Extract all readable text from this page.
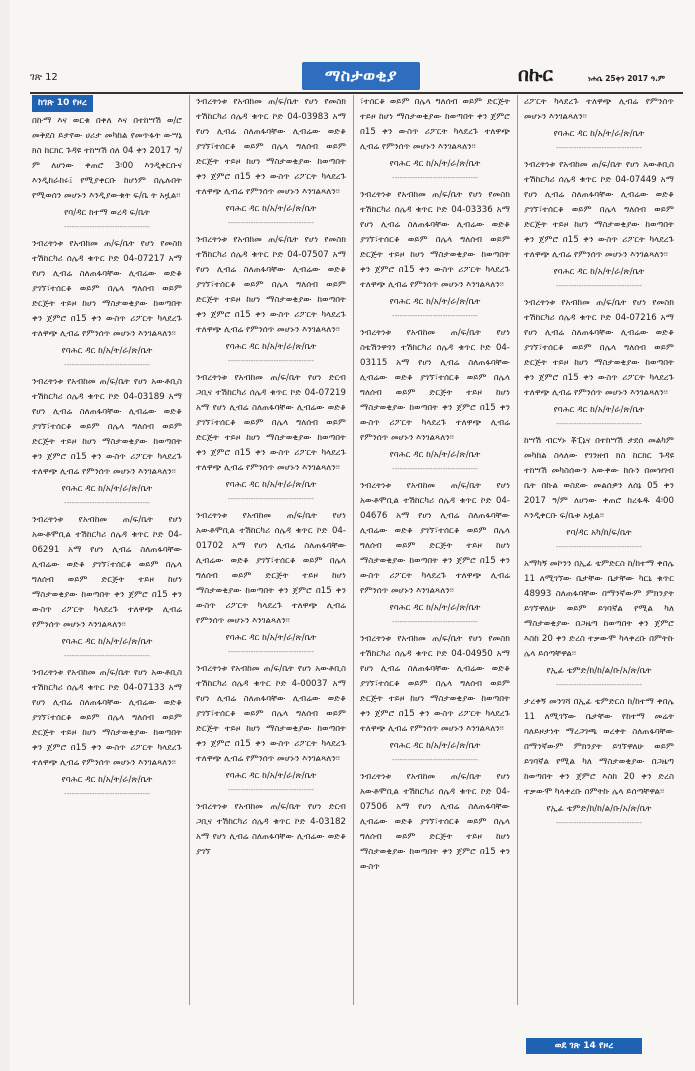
ገጽ 12	ማስታወቂያ	በኩር	ነሐሴ 25ቀን 2017 ዓ.ም
ከገጽ 10 የዞረ

በኩማ እና ወርቁ በቀለ እና በተከሣሽ ወ/ሮ መቅደስ ይታየው ሀሪታ መካከል የመጥፋት ውሣኔ ክስ ከርክር ጉዳዩ ተከሣሽ ሰለ 04 ቀን 2017 ዓ/ም ለሆነው ቀጠሮ 3፡00 እንዲቀርቡና እንዲከራከሩ፤ የሚያቀርቡ ከሆነም በሌሉበት የሚወሰን መሆኑን እንዲያውቁት ፍ/ቤ ት አዟል፡፡

የባ/ዳር ከተማ ወረዳ ፍ/ቤት
----------------------------------

ንብረትነቱ የአብከመ ጠ/ፍ/ቤት የሆነ የመስክ ተሽከርካሪ ሰሌዳ ቁጥር ኮድ 04-07217 አማ የሆነ ሊብሬ ስለጠፋባቸው ሊብሬው ወድቆ ያገኘ፣ተሰርቆ ወይም በሌላ ግለሰብ ወይም ድርጅት ተይዞ ከሆነ ማስታወቂያው ከወጣበት ቀን ጀምሮ በ15 ቀን ውስጥ ሪፖርት ካላደረጉ ተለዋጭ ሊብሬ የምንሰጥ መሆኑን እንገልጻለን፡፡

የባሕር ዳር ከ/አ/ት/ራ/ጽ/ቤት
----------------------------------

ንብረትነቱ የአብከመ ጠ/ፍ/ቤት የሆነ አውቶቢስ ተሽከርካሪ ሰሌዳ ቁጥር ኮድ 04-03189 አማ የሆነ ሊብሬ ስለጠፋባቸው ሊብሬው ወድቆ ያገኘ፣ተሰርቆ ወይም በሌላ ግለሰብ ወይም ድርጅት ተይዞ ከሆነ ማስታወቂያው ከወጣበት ቀን ጀምሮ በ15 ቀን ውስጥ ሪፖርት ካላደረጉ ተለዋጭ ሊብሬ የምንሰጥ መሆኑን እንገልጻለን፡፡

የባሕር ዳር ከ/አ/ት/ራ/ጽ/ቤት
----------------------------------

ንብረትነቱ የአብከመ ጠ/ፍ/ቤት የሆነ አውቶሞቢል ተሽከርካሪ ሰሌዳ ቁጥር ኮድ 04-06291 አማ የሆነ ሊብሬ ስለጠፋባቸው ሊብሬው ወድቆ ያገኘ፣ተሰርቆ ወይም በሌላ ግለሰብ ወይም ድርጅት ተይዞ ከሆነ ማስታወቂያው ከወጣበት ቀን ጀምሮ በ15 ቀን ውስጥ ሪፖርት ካላደረጉ ተለዋጭ ሊብሬ የምንሰጥ መሆኑን እንገልጻለን፡፡

የባሕር ዳር ከ/አ/ት/ራ/ጽ/ቤት
----------------------------------

ንብረትነቱ የአብከመ ጠ/ፍ/ቤት የሆነ አውቶቢስ ተሽከርካሪ ሰሌዳ ቁጥር ኮድ 04-07133 አማ የሆነ ሊብሬ ስለጠፋባቸው ሊብሬው ወድቆ ያገኘ፣ተሰርቆ ወይም በሌላ ግለሰብ ወይም ድርጅት ተይዞ ከሆነ ማስታወቂያው ከወጣበት ቀን ጀምሮ በ15 ቀን ውስጥ ሪፖርት ካላደረጉ ተለዋጭ ሊብሬ የምንሰጥ መሆኑን እንገልጻለን፡፡

የባሕር ዳር ከ/አ/ት/ራ/ጽ/ቤት
----------------------------------

ንብረትነቱ የአብከመ ጠ/ፍ/ቤት የሆነ የመስክ ተሽከርካሪ ሰሌዳ ቁጥር ኮድ 04-03983 አማ የሆነ ሊብሬ ስለጠፋባቸው ሊብሬው ወድቆ ያገኘ፣ተሰርቆ ወይም በሌላ ግለሰብ ወይም ድርጅት ተይዞ ከሆነ ማስታወቂያው ከወጣበት ቀን ጀምሮ በ15 ቀን ውስጥ ሪፖርት ካላደረጉ ተለዋጭ ሊብሬ የምንሰጥ መሆኑን እንገልጻለን፡፡

የባሕር ዳር ከ/አ/ት/ራ/ጽ/ቤት
----------------------------------

ንብረትነቱ የአብከመ ጠ/ፍ/ቤት የሆነ የመስክ ተሽከርካሪ ሰሌዳ ቁጥር ኮድ 04-07507 አማ የሆነ ሊብሬ ስለጠፋባቸው ሊብሬው ወድቆ ያገኘ፣ተሰርቆ ወይም በሌላ ግለሰብ ወይም ድርጅት ተይዞ ከሆነ ማስታወቂያው ከወጣበት ቀን ጀምሮ በ15 ቀን ውስጥ ሪፖርት ካላደረጉ ተለዋጭ ሊብሬ የምንሰጥ መሆኑን እንገልጻለን፡፡

የባሕር ዳር ከ/አ/ት/ራ/ጽ/ቤት
----------------------------------

ንብረትነቱ የአብከመ ጠ/ፍ/ቤት የሆነ ድርብ ጋቢና ተሽከርካሪ ሰሌዳ ቁጥር ኮድ 04-07219 አማ የሆነ ሊብሬ ስለጠፋባቸው ሊብሬው ወድቆ ያገኘ፣ተሰርቆ ወይም በሌላ ግለሰብ ወይም ድርጅት ተይዞ ከሆነ ማስታወቂያው ከወጣበት ቀን ጀምሮ በ15 ቀን ውስጥ ሪፖርት ካላደረጉ ተለዋጭ ሊብሬ የምንሰጥ መሆኑን እንገልጻለን፡፡

የባሕር ዳር ከ/አ/ት/ራ/ጽ/ቤት
----------------------------------

ንብረትነቱ የአብከመ ጠ/ፍ/ቤት የሆነ አውቶሞቢል ተሽከርካሪ ሰሌዳ ቁጥር ኮድ 04-01702 አማ የሆነ ሊብሬ ስለጠፋባቸው ሊብሬው ወድቆ ያገኘ፣ተሰርቆ ወይም በሌላ ግለሰብ ወይም ድርጅት ተይዞ ከሆነ ማስታወቂያው ከወጣበት ቀን ጀምሮ በ15 ቀን ውስጥ ሪፖርት ካላደረጉ ተለዋጭ ሊብሬ የምንሰጥ መሆኑን እንገልጻለን፡፡

የባሕር ዳር ከ/አ/ት/ራ/ጽ/ቤት
----------------------------------

ንብረትነቱ የአብከመ ጠ/ፍ/ቤት የሆነ አውቶቢስ ተሽከርካሪ ሰሌዳ ቁጥር ኮድ 4-00037 አማ የሆነ ሊብሬ ስለጠፋባቸው ሊብሬው ወድቆ ያገኘ፣ተሰርቆ ወይም በሌላ ግለሰብ ወይም ድርጅት ተይዞ ከሆነ ማስታወቂያው ከወጣበት ቀን ጀምሮ በ15 ቀን ውስጥ ሪፖርት ካላደረጉ ተለዋጭ ሊብሬ የምንሰጥ መሆኑን እንገልጻለን፡፡

የባሕር ዳር ከ/አ/ት/ራ/ጽ/ቤት
----------------------------------

ንብረትነቱ የአብከመ ጠ/ፍ/ቤት የሆነ ድርብ ጋቢና ተሽከርካሪ ሰሌዳ ቁጥር ኮድ 4-03182 አማ የሆነ ሊብሬ ስለጠፋባቸው ሊብሬው ወድቆ ያገኘ

፣ተሰርቆ ወይም በሌላ ግለሰብ ወይም ድርጅት ተይዞ ከሆነ ማስታወቂያው ከወጣበት ቀን ጀምሮ በ15 ቀን ውስጥ ሪፖርት ካላደረጉ ተለዋጭ ሊብሬ የምንሰጥ መሆኑን እንገልጻለን፡፡

የባሕር ዳር ከ/አ/ት/ራ/ጽ/ቤት
----------------------------------

ንብረትነቱ የአብከመ ጠ/ፍ/ቤት የሆነ የመስክ ተሽከርካሪ ሰሌዳ ቁጥር ኮድ 04-03336 አማ የሆነ ሊብሬ ስለጠፋባቸው ሊብሬው ወድቆ ያገኘ፣ተሰርቆ ወይም በሌላ ግለሰብ ወይም ድርጅት ተይዞ ከሆነ ማስታወቂያው ከወጣበት ቀን ጀምሮ በ15 ቀን ውስጥ ሪፖርት ካላደረጉ ተለዋጭ ሊብሬ የምንሰጥ መሆኑን እንገልጻለን፡፡

የባሕር ዳር ከ/አ/ት/ራ/ጽ/ቤት
----------------------------------

ንብረትነቱ የአብከመ ጠ/ፍ/ቤት የሆነ ስቴሽንዋጎን ተሽከርካሪ ሰሌዳ ቁጥር ኮድ 04-03115 አማ የሆነ ሊብሬ ስለጠፋባቸው ሊብሬው ወድቆ ያገኘ፣ተሰርቆ ወይም በሌላ ግለሰብ ወይም ድርጅት ተይዞ ከሆነ ማስታወቂያው ከወጣበት ቀን ጀምሮ በ15 ቀን ውስጥ ሪፖርት ካላደረጉ ተለዋጭ ሊብሬ የምንሰጥ መሆኑን እንገልጻለን፡፡

የባሕር ዳር ከ/አ/ት/ራ/ጽ/ቤት
----------------------------------

ንብረትነቱ የአብከመ ጠ/ፍ/ቤት የሆነ አውቶሞቢል ተሽከርካሪ ሰሌዳ ቁጥር ኮድ 04-04676 አማ የሆነ ሊብሬ ስለጠፋባቸው ሊብሬው ወድቆ ያገኘ፣ተሰርቆ ወይም በሌላ ግለሰብ ወይም ድርጅት ተይዞ ከሆነ ማስታወቂያው ከወጣበት ቀን ጀምሮ በ15 ቀን ውስጥ ሪፖርት ካላደረጉ ተለዋጭ ሊብሬ የምንሰጥ መሆኑን እንገልጻለን፡፡

የባሕር ዳር ከ/አ/ት/ራ/ጽ/ቤት
----------------------------------

ንብረትነቱ የአብከመ ጠ/ፍ/ቤት የሆነ የመስክ ተሽከርካሪ ሰሌዳ ቁጥር ኮድ 04-04950 አማ የሆነ ሊብሬ ስለጠፋባቸው ሊብሬው ወድቆ ያገኘ፣ተሰርቆ ወይም በሌላ ግለሰብ ወይም ድርጅት ተይዞ ከሆነ ማስታወቂያው ከወጣበት ቀን ጀምሮ በ15 ቀን ውስጥ ሪፖርት ካላደረጉ ተለዋጭ ሊብሬ የምንሰጥ መሆኑን እንገልጻለን፡፡

የባሕር ዳር ከ/አ/ት/ራ/ጽ/ቤት
----------------------------------

ንብረትነቱ የአብከመ ጠ/ፍ/ቤት የሆነ አውቶሞቢል ተሽከርካሪ ሰሌዳ ቁጥር ኮድ 04-07506 አማ የሆነ ሊብሬ ስለጠፋባቸው ሊብሬው ወድቆ ያገኘ፣ተሰርቆ ወይም በሌላ ግለሰብ ወይም ድርጅት ተይዞ ከሆነ ማስታወቂያው ከወጣበት ቀን ጀምሮ በ15 ቀን ውስጥ

ሪፖርት ካላደረጉ ተለዋጭ ሊብሬ የምንሰጥ መሆኑን እንገልጻለን፡፡

የባሕር ዳር ከ/አ/ት/ራ/ጽ/ቤት
----------------------------------

ንብረትነቱ የአብከመ ጠ/ፍ/ቤት የሆነ አውቶቢስ ተሽከርካሪ ሰሌዳ ቁጥር ኮድ 04-07449 አማ የሆነ ሊብሬ ስለጠፋባቸው ሊብሬው ወድቆ ያገኘ፣ተሰርቆ ወይም በሌላ ግለሰብ ወይም ድርጅት ተይዞ ከሆነ ማስታወቂያው ከወጣበት ቀን ጀምሮ በ15 ቀን ውስጥ ሪፖርት ካላደረጉ ተለዋጭ ሊብሬ የምንሰጥ መሆኑን እንገልጻለን፡፡

የባሕር ዳር ከ/አ/ት/ራ/ጽ/ቤት
----------------------------------

ንብረትነቱ የአብከመ ጠ/ፍ/ቤት የሆነ የመስክ ተሽከርካሪ ሰሌዳ ቁጥር ኮድ 04-07216 አማ የሆነ ሊብሬ ስለጠፋባቸው ሊብሬው ወድቆ ያገኘ፣ተሰርቆ ወይም በሌላ ግለሰብ ወይም ድርጅት ተይዞ ከሆነ ማስታወቂያው ከወጣበት ቀን ጀምሮ በ15 ቀን ውስጥ ሪፖርት ካላደረጉ ተለዋጭ ሊብሬ የምንሰጥ መሆኑን እንገልጻለን፡፡

የባሕር ዳር ከ/አ/ት/ራ/ጽ/ቤት
----------------------------------

ከሣሽ ብርሃኑ ቾፒኔና በተከሣሽ ታደሰ መልካም መካከል ስላለው የገንዘብ ክስ ከርክር ጉዳዩ ተከሣሽ መካስሰውን አውቀው ከሱን በመዝገብ ቤት በኩል ወስደው መልሰዎን ለሰኔ 05 ቀን 2017 ዓ/ም ለሆነው ቀጠሮ ከረፋዱ 4፡00 እንዲቀርቡ ፍ/ቤቱ አዟል፡፡

የባ/ዳር አካ/ከ/ፍ/ቤት
----------------------------------

አማካኝ መኮንን በኢፊ ቴምድርስ ከ/ከተማ ቀበሌ 11 ለሚገኘው ቤታቸው ቤታቸው ካርኒ ቁጥር 48993 ስለጠፋባቸው በማንኛውም ምክንያት ይገኘዋለሁ ወይም ይገባኛል የሚል ካለ ማስታወቂያው በጋዜጣ ከወጣበት ቀን ጀምሮ እስከ 20 ቀን ድረስ ተቃውሞ ካላቀረቡ በምትኩ ሌላ ይሰጣቸዋል፡፡

የኢፊ ቴምድ/ከ/ከ/ል/ቡ/አ/ጽ/ቤት
----------------------------------

ታረቀኝ መንገሻ በኢፊ ቴምድርስ ከ/ከተማ ቀበሌ 11 ለሚገኘው ቤታቸው የከተማ መሬት ባለይዞታነት ማረጋገጫ ወረቀት ስለጠፋባቸው በማንኛውም ምክንያት ይገኘዋለሁ ወይም ይገባኛል የሚል ካለ ማስታወቂያው በጋዜጣ ከወጣበት ቀን ጀምሮ እስከ 20 ቀን ድረስ ተቃውሞ ካላቀረቡ በምትኩ ሌላ ይሰጣቸዋል፡፡

የኢፊ ቴምድ/ከ/ከ/ል/ቡ/አ/ጽ/ቤት
----------------------------------
ወደ ገጽ 14 የዞረ
